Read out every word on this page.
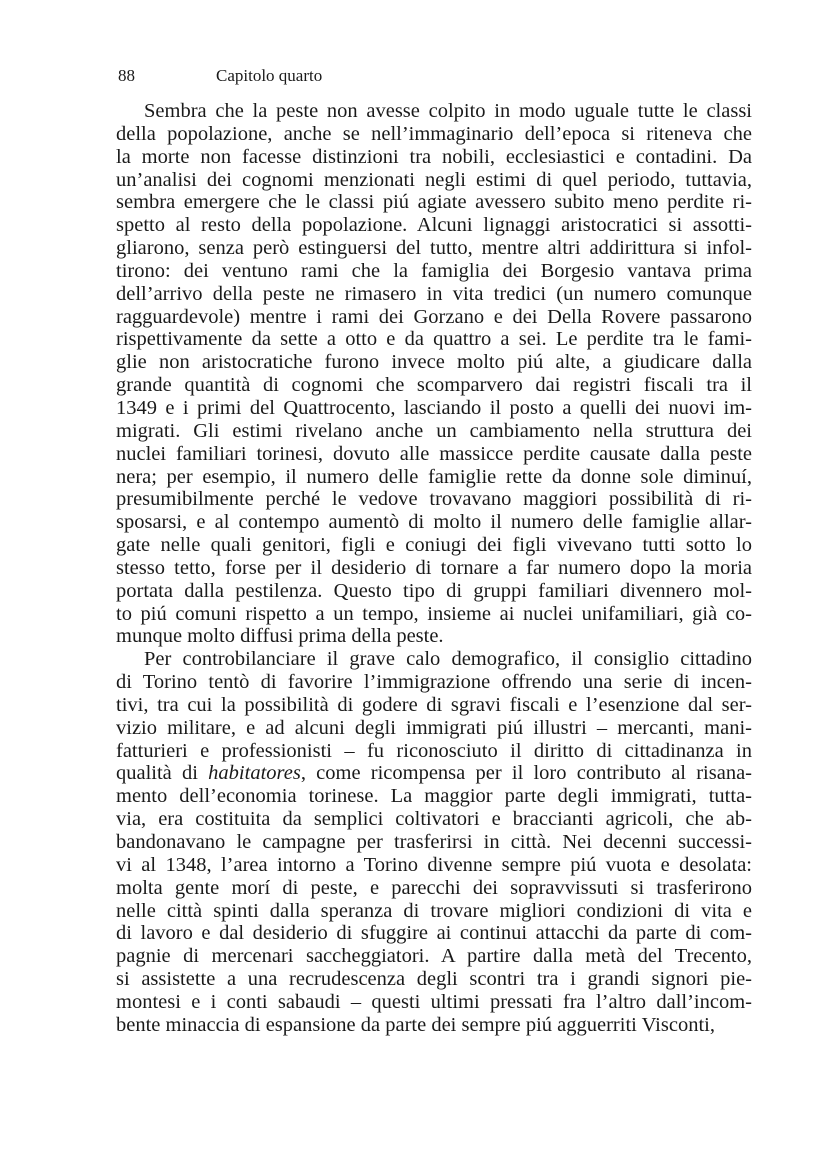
88	Capitolo quarto
Sembra che la peste non avesse colpito in modo uguale tutte le classi
della popolazione, anche se nell’immaginario dell’epoca si riteneva che
la morte non facesse distinzioni tra nobili, ecclesiastici e contadini. Da
un’analisi dei cognomi menzionati negli estimi di quel periodo, tuttavia,
sembra emergere che le classi piú agiate avessero subito meno perdite ri-
spetto al resto della popolazione. Alcuni lignaggi aristocratici si assotti-
gliarono, senza però estinguersi del tutto, mentre altri addirittura si infol-
tirono: dei ventuno rami che la famiglia dei Borgesio vantava prima
dell’arrivo della peste ne rimasero in vita tredici (un numero comunque
ragguardevole) mentre i rami dei Gorzano e dei Della Rovere passarono
rispettivamente da sette a otto e da quattro a sei. Le perdite tra le fami-
glie non aristocratiche furono invece molto piú alte, a giudicare dalla
grande quantità di cognomi che scomparvero dai registri fiscali tra il
1349 e i primi del Quattrocento, lasciando il posto a quelli dei nuovi im-
migrati. Gli estimi rivelano anche un cambiamento nella struttura dei
nuclei familiari torinesi, dovuto alle massicce perdite causate dalla peste
nera; per esempio, il numero delle famiglie rette da donne sole diminuí,
presumibilmente perché le vedove trovavano maggiori possibilità di ri-
sposarsi, e al contempo aumentò di molto il numero delle famiglie allar-
gate nelle quali genitori, figli e coniugi dei figli vivevano tutti sotto lo
stesso tetto, forse per il desiderio di tornare a far numero dopo la moria
portata dalla pestilenza. Questo tipo di gruppi familiari divennero mol-
to piú comuni rispetto a un tempo, insieme ai nuclei unifamiliari, già co-
munque molto diffusi prima della peste.
Per controbilanciare il grave calo demografico, il consiglio cittadino
di Torino tentò di favorire l’immigrazione offrendo una serie di incen-
tivi, tra cui la possibilità di godere di sgravi fiscali e l’esenzione dal ser-
vizio militare, e ad alcuni degli immigrati piú illustri – mercanti, mani-
fatturieri e professionisti – fu riconosciuto il diritto di cittadinanza in
qualità di habitatores, come ricompensa per il loro contributo al risana-
mento dell’economia torinese. La maggior parte degli immigrati, tutta-
via, era costituita da semplici coltivatori e braccianti agricoli, che ab-
bandonavano le campagne per trasferirsi in città. Nei decenni successi-
vi al 1348, l’area intorno a Torino divenne sempre piú vuota e desolata:
molta gente morí di peste, e parecchi dei sopravvissuti si trasferirono
nelle città spinti dalla speranza di trovare migliori condizioni di vita e
di lavoro e dal desiderio di sfuggire ai continui attacchi da parte di com-
pagnie di mercenari saccheggiatori. A partire dalla metà del Trecento,
si assistette a una recrudescenza degli scontri tra i grandi signori pie-
montesi e i conti sabaudi – questi ultimi pressati fra l’altro dall’incom-
bente minaccia di espansione da parte dei sempre piú agguerriti Visconti,
